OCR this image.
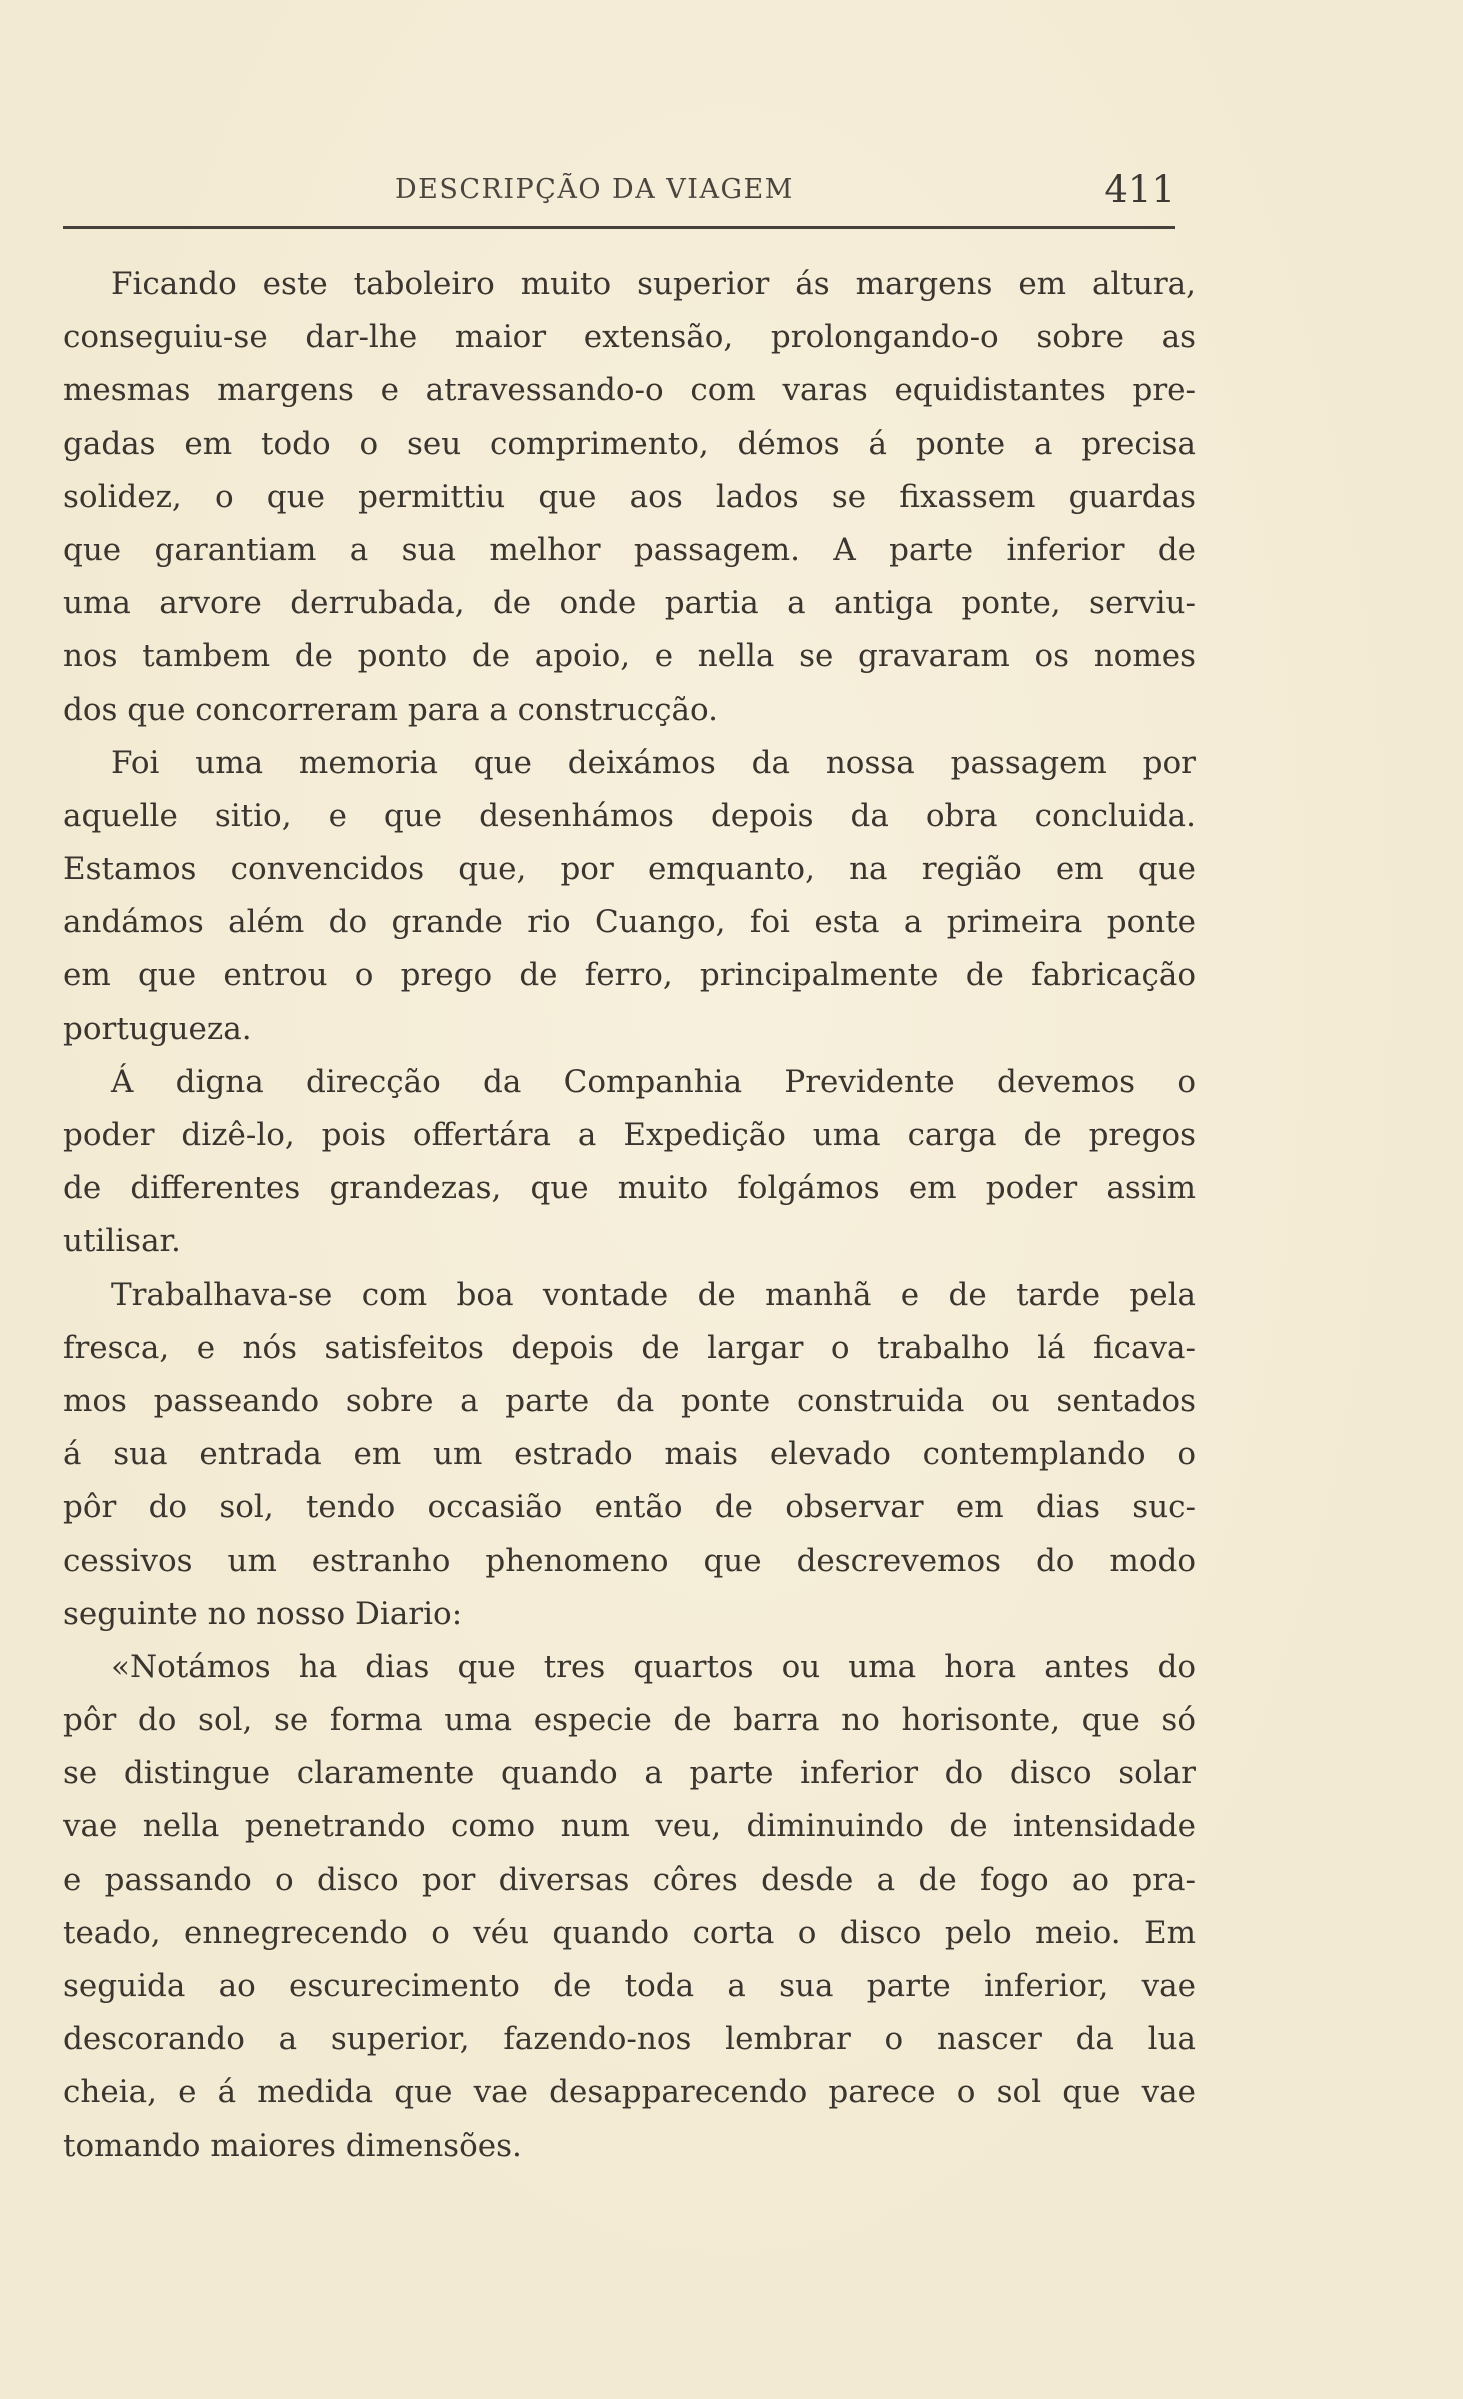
DESCRIPÇÃO DA VIAGEM	411
Ficando este taboleiro muito superior ás margens em altura,
conseguiu-se dar-lhe maior extensão, prolongando-o sobre as
mesmas margens e atravessando-o com varas equidistantes pre-
gadas em todo o seu comprimento, démos á ponte a precisa
solidez, o que permittiu que aos lados se fixassem guardas
que garantiam a sua melhor passagem. A parte inferior de
uma arvore derrubada, de onde partia a antiga ponte, serviu-
nos tambem de ponto de apoio, e nella se gravaram os nomes
dos que concorreram para a construcção.
Foi uma memoria que deixámos da nossa passagem por
aquelle sitio, e que desenhámos depois da obra concluida.
Estamos convencidos que, por emquanto, na região em que
andámos além do grande rio Cuango, foi esta a primeira ponte
em que entrou o prego de ferro, principalmente de fabricação
portugueza.
Á digna direcção da Companhia Previdente devemos o
poder dizê-lo, pois offertára a Expedição uma carga de pregos
de differentes grandezas, que muito folgámos em poder assim
utilisar.
Trabalhava-se com boa vontade de manhã e de tarde pela
fresca, e nós satisfeitos depois de largar o trabalho lá ficava-
mos passeando sobre a parte da ponte construida ou sentados
á sua entrada em um estrado mais elevado contemplando o
pôr do sol, tendo occasião então de observar em dias suc-
cessivos um estranho phenomeno que descrevemos do modo
seguinte no nosso Diario:
«Notámos ha dias que tres quartos ou uma hora antes do
pôr do sol, se forma uma especie de barra no horisonte, que só
se distingue claramente quando a parte inferior do disco solar
vae nella penetrando como num veu, diminuindo de intensidade
e passando o disco por diversas côres desde a de fogo ao pra-
teado, ennegrecendo o véu quando corta o disco pelo meio. Em
seguida ao escurecimento de toda a sua parte inferior, vae
descorando a superior, fazendo-nos lembrar o nascer da lua
cheia, e á medida que vae desapparecendo parece o sol que vae
tomando maiores dimensões.
